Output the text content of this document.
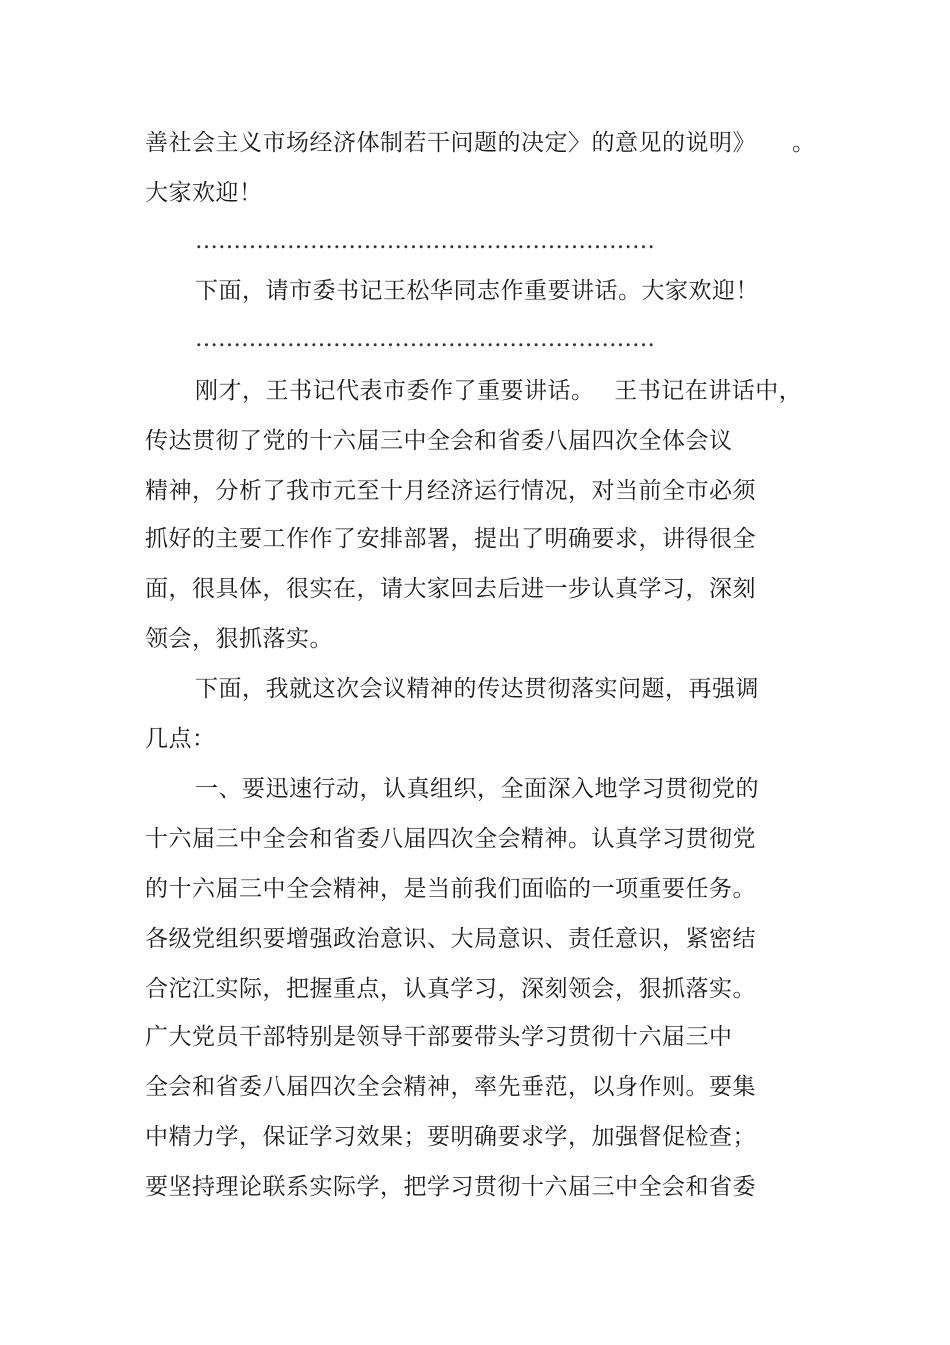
善社会主义市场经济体制若干问题的决定〉的意见的说明》 。
大家欢迎！
……………………………………………………
下面，请市委书记王松华同志作重要讲话。大家欢迎！
……………………………………………………
刚才，王书记代表市委作了重要讲话。　 王书记在讲话中，
传达贯彻了党的十六届三中全会和省委八届四次全体会议
精神，分析了我市元至十月经济运行情况，对当前全市必须
抓好的主要工作作了安排部署，提出了明确要求，讲得很全
面，很具体，很实在，请大家回去后进一步认真学习，深刻
领会，狠抓落实。
下面，我就这次会议精神的传达贯彻落实问题，再强调
几点：
一、要迅速行动，认真组织，全面深入地学习贯彻党的
十六届三中全会和省委八届四次全会精神。认真学习贯彻党
的十六届三中全会精神，是当前我们面临的一项重要任务。
各级党组织要增强政治意识、大局意识、责任意识，紧密结
合沱江实际，把握重点，认真学习，深刻领会，狠抓落实。
广大党员干部特别是领导干部要带头学习贯彻十六届三中
全会和省委八届四次全会精神，率先垂范，以身作则。要集
中精力学，保证学习效果；要明确要求学，加强督促检查；
要坚持理论联系实际学，把学习贯彻十六届三中全会和省委
